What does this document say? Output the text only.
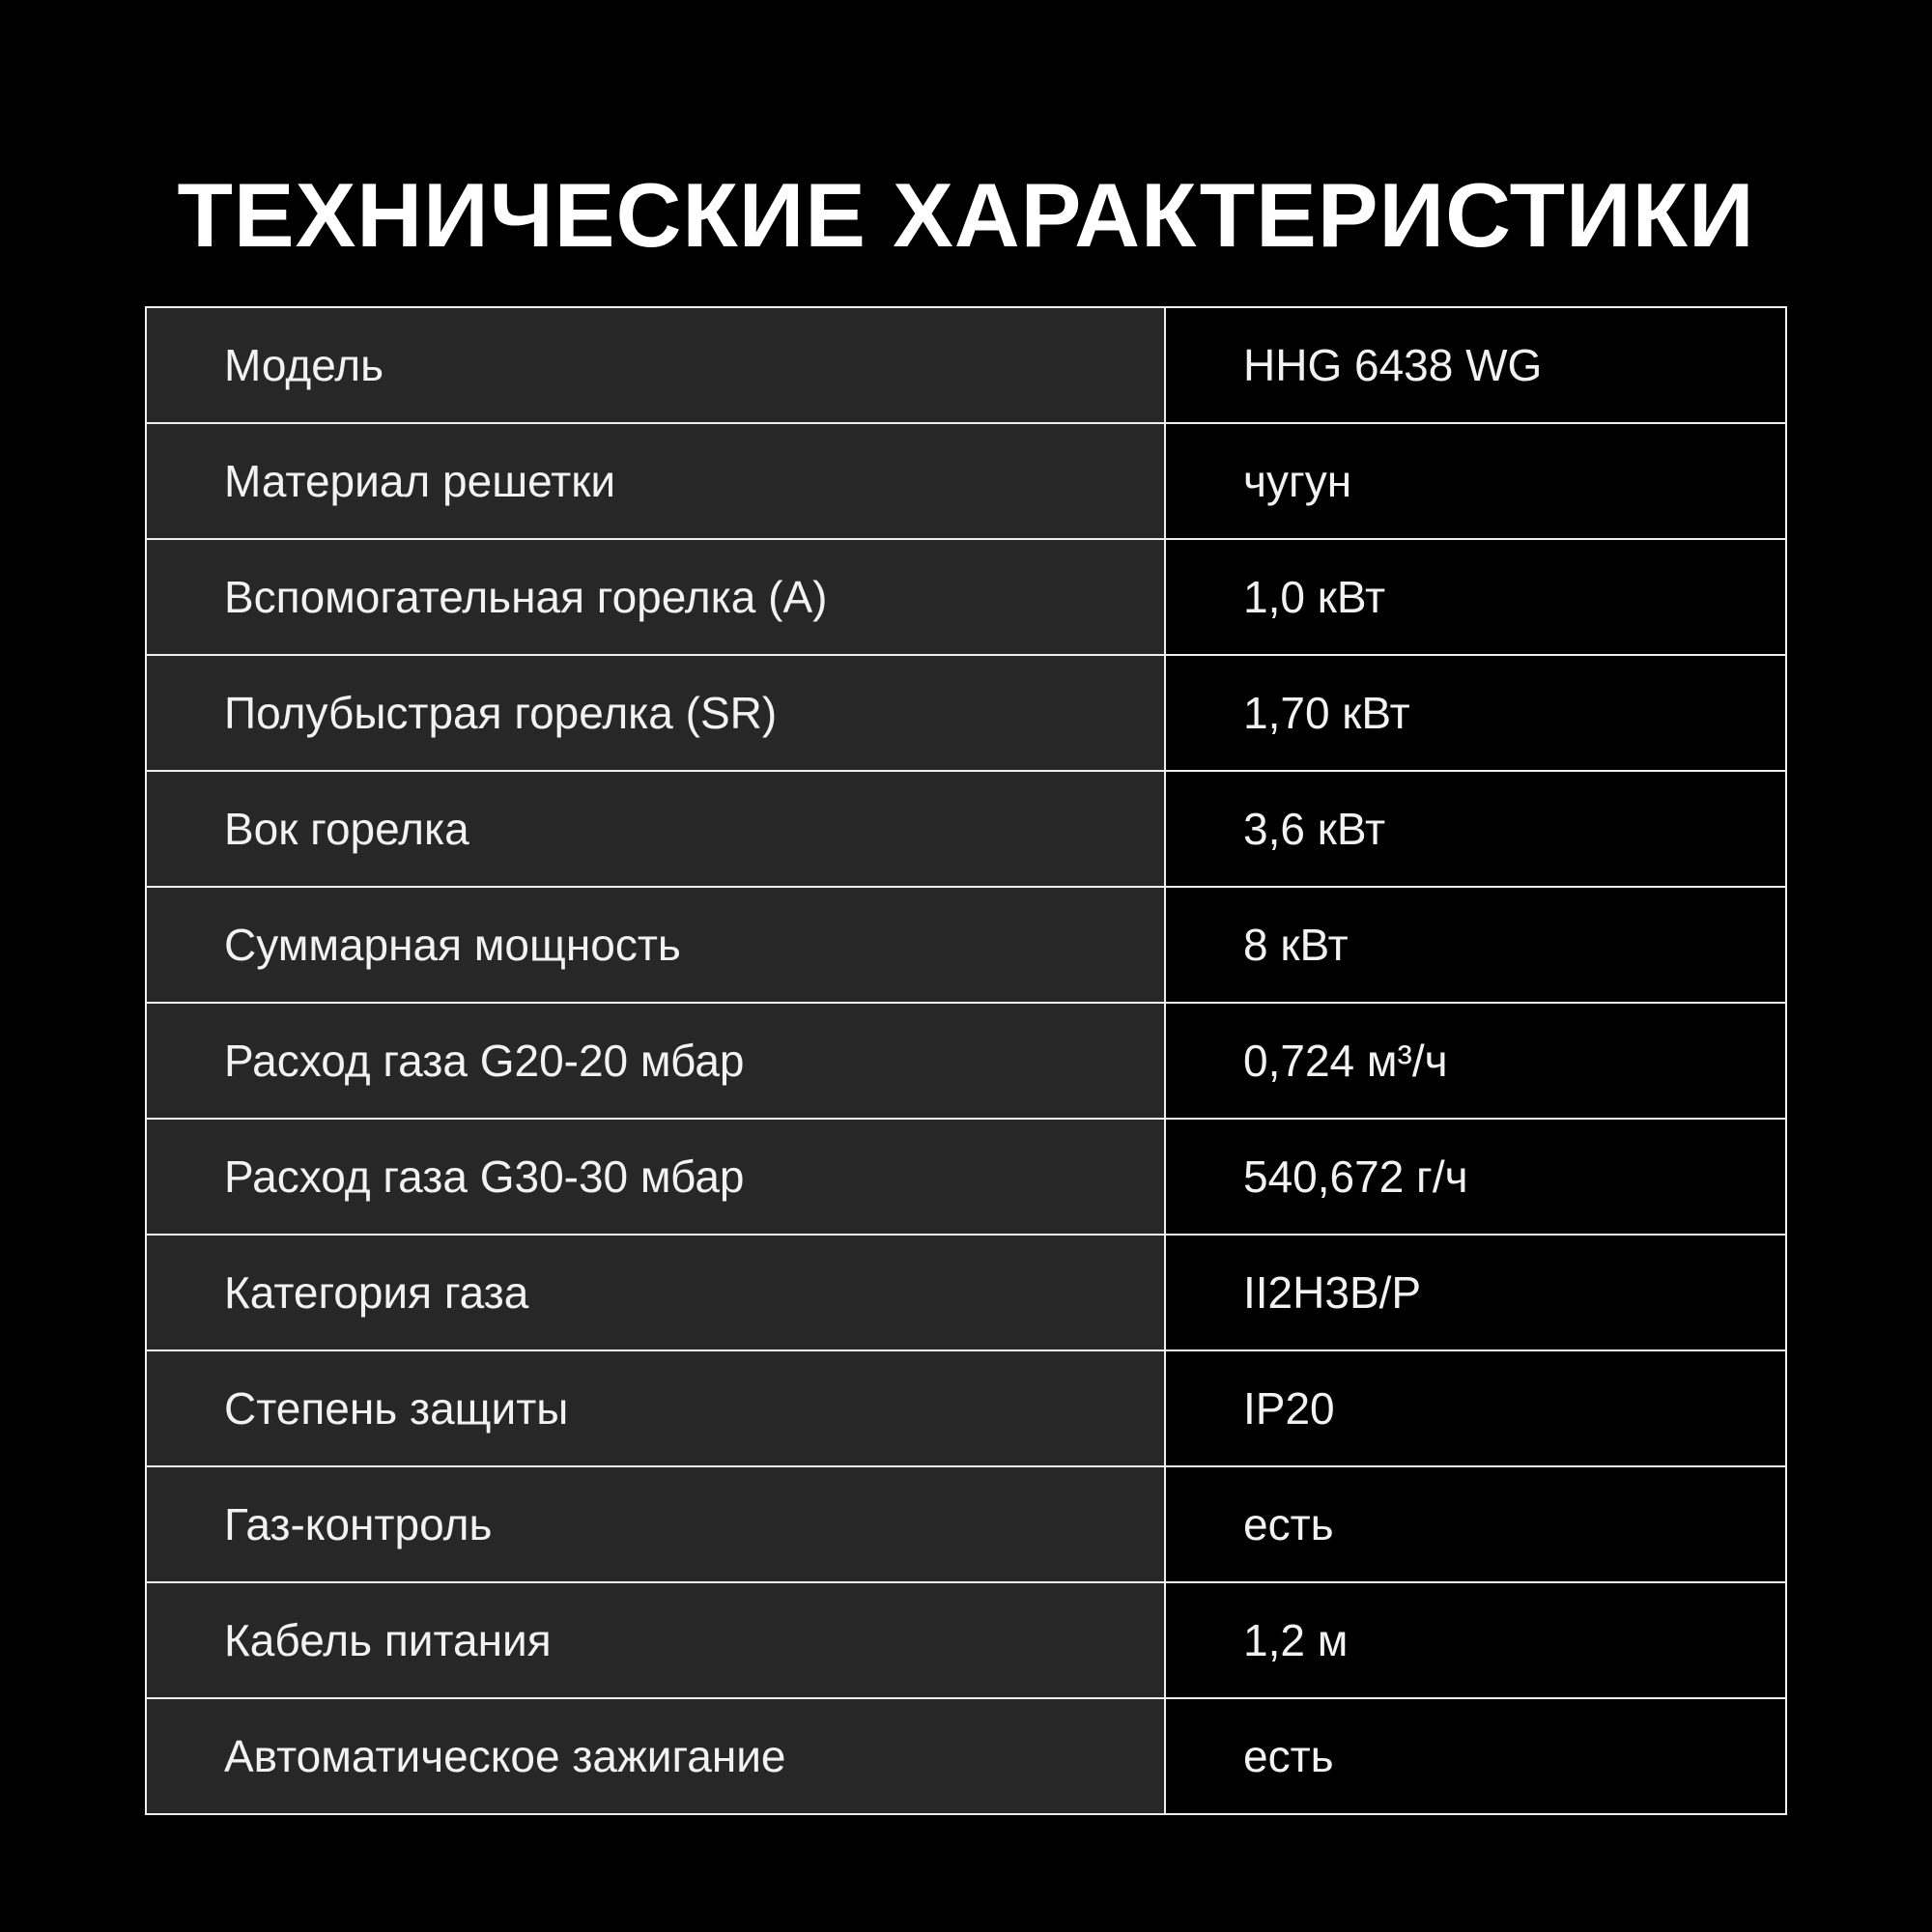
ТЕХНИЧЕСКИЕ ХАРАКТЕРИСТИКИ
Модель	HHG 6438 WG
Материал решетки	чугун
Вспомогательная горелка (A)	1,0 кВт
Полубыстрая горелка (SR)	1,70 кВт
Вок горелка	3,6 кВт
Суммарная мощность	8 кВт
Расход газа G20-20 мбар	0,724 м³/ч
Расход газа G30-30 мбар	540,672 г/ч
Категория газа	II2H3B/P
Степень защиты	IP20
Газ-контроль	есть
Кабель питания	1,2 м
Автоматическое зажигание	есть
